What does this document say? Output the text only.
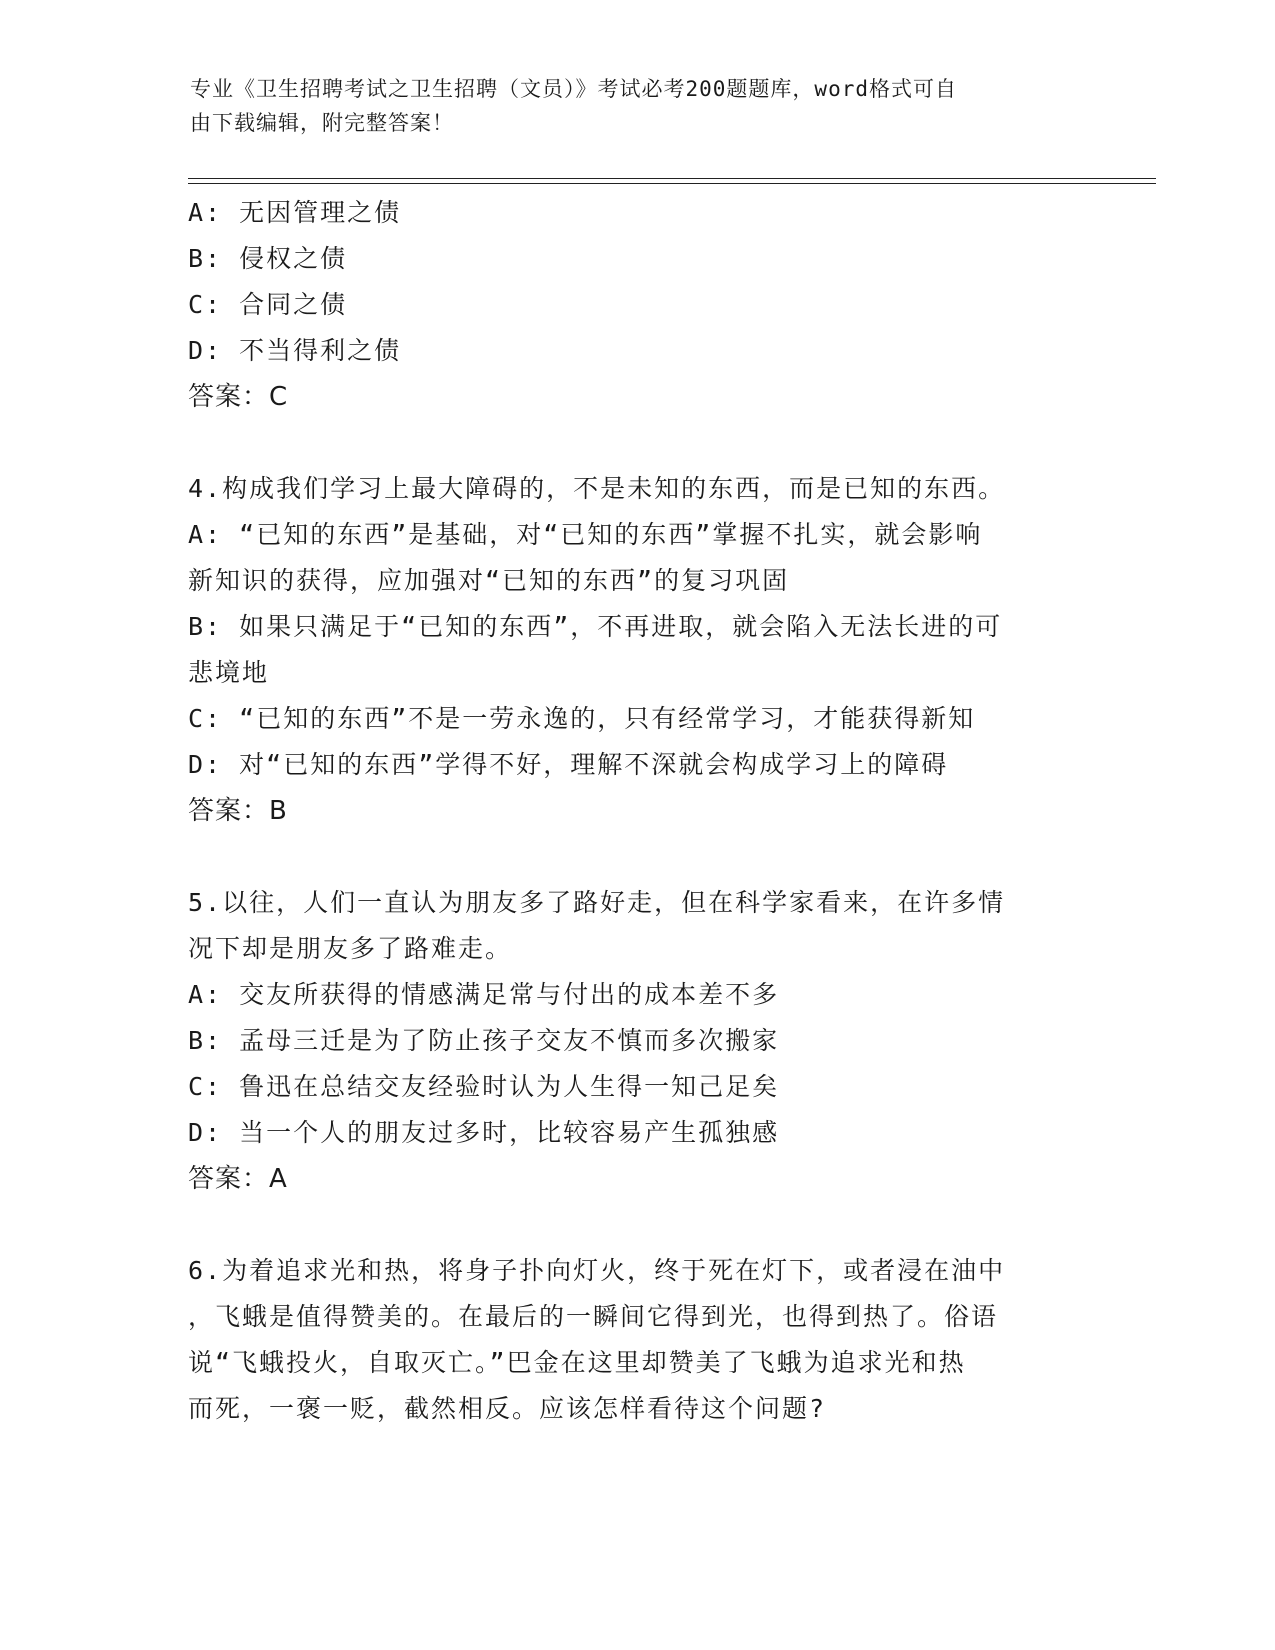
专业《卫生招聘考试之卫生招聘（文员）》考试必考200题题库，word格式可自
由下载编辑，附完整答案！
A: 无因管理之债
B: 侵权之债
C: 合同之债
D: 不当得利之债
答案：C
4.构成我们学习上最大障碍的，不是未知的东西，而是已知的东西。
A: “已知的东西”是基础，对“已知的东西”掌握不扎实，就会影响
新知识的获得，应加强对“已知的东西”的复习巩固
B: 如果只满足于“已知的东西”，不再进取，就会陷入无法长进的可
悲境地
C: “已知的东西”不是一劳永逸的，只有经常学习，才能获得新知
D: 对“已知的东西”学得不好，理解不深就会构成学习上的障碍
答案：B
5.以往，人们一直认为朋友多了路好走，但在科学家看来，在许多情
况下却是朋友多了路难走。
A: 交友所获得的情感满足常与付出的成本差不多
B: 孟母三迁是为了防止孩子交友不慎而多次搬家
C: 鲁迅在总结交友经验时认为人生得一知己足矣
D: 当一个人的朋友过多时，比较容易产生孤独感
答案：A
6.为着追求光和热，将身子扑向灯火，终于死在灯下，或者浸在油中
，飞蛾是值得赞美的。在最后的一瞬间它得到光，也得到热了。俗语
说“飞蛾投火，自取灭亡。”巴金在这里却赞美了飞蛾为追求光和热
而死，一褒一贬，截然相反。应该怎样看待这个问题?
